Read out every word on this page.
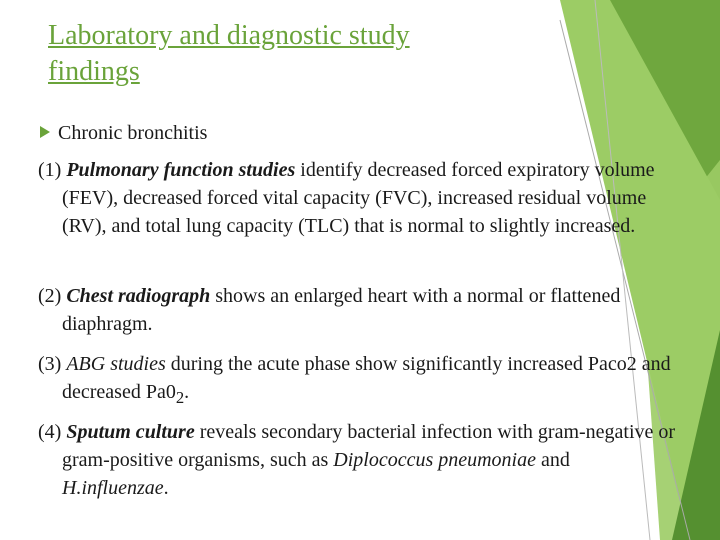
Laboratory and diagnostic study
findings
Chronic bronchitis
(1) Pulmonary function studies identify decreased forced expiratory volume (FEV), decreased forced vital capacity (FVC), increased residual volume (RV), and total lung capacity (TLC) that is normal to slightly increased.
(2) Chest radiograph shows an enlarged heart with a normal or flattened diaphragm.
(3) ABG studies during the acute phase show significantly increased Paco2 and decreased $Pa0_2$.
(4) Sputum culture reveals secondary bacterial infection with gram-negative or gram-positive organisms, such as Diplococcus pneumoniae and H.influenzae.
